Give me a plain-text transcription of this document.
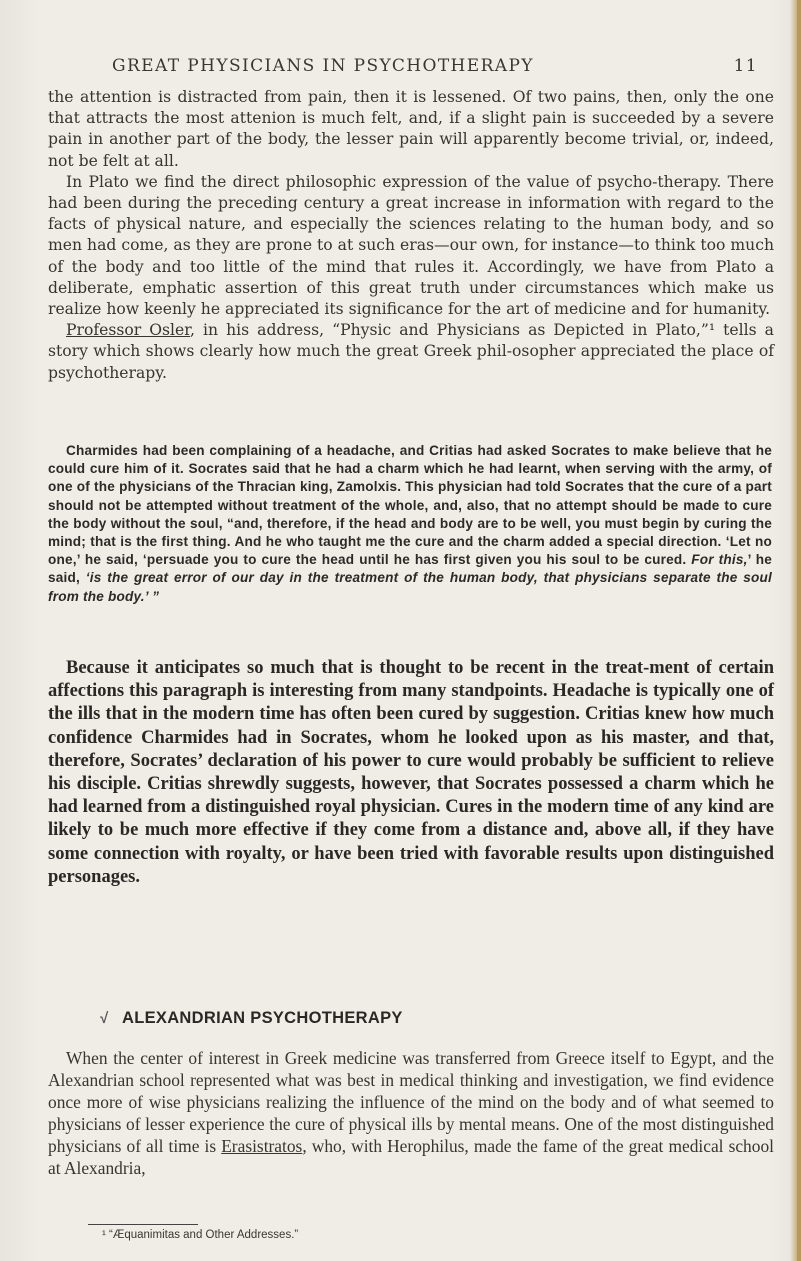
GREAT PHYSICIANS IN PSYCHOTHERAPY	11

the attention is distracted from pain, then it is lessened. Of two pains, then, only the one that attracts the most attenion is much felt, and, if a slight pain is succeeded by a severe pain in another part of the body, the lesser pain will apparently become trivial, or, indeed, not be felt at all.

In Plato we find the direct philosophic expression of the value of psycho-therapy. There had been during the preceding century a great increase in information with regard to the facts of physical nature, and especially the sciences relating to the human body, and so men had come, as they are prone to at such eras—our own, for instance—to think too much of the body and too little of the mind that rules it. Accordingly, we have from Plato a deliberate, emphatic assertion of this great truth under circumstances which make us realize how keenly he appreciated its significance for the art of medicine and for humanity.

Professor Osler, in his address, “Physic and Physicians as Depicted in Plato,”¹ tells a story which shows clearly how much the great Greek phil-osopher appreciated the place of psychotherapy.

Charmides had been complaining of a headache, and Critias had asked Socrates to make believe that he could cure him of it. Socrates said that he had a charm which he had learnt, when serving with the army, of one of the physicians of the Thracian king, Zamolxis. This physician had told Socrates that the cure of a part should not be attempted without treatment of the whole, and, also, that no attempt should be made to cure the body without the soul, “and, therefore, if the head and body are to be well, you must begin by curing the mind; that is the first thing. And he who taught me the cure and the charm added a special direction. ‘Let no one,’ he said, ‘persuade you to cure the head until he has first given you his soul to be cured. For this,’ he said, ‘is the great error of our day in the treatment of the human body, that physicians separate the soul from the body.’ ”

Because it anticipates so much that is thought to be recent in the treat-ment of certain affections this paragraph is interesting from many standpoints. Headache is typically one of the ills that in the modern time has often been cured by suggestion. Critias knew how much confidence Charmides had in Socrates, whom he looked upon as his master, and that, therefore, Socrates’ declaration of his power to cure would probably be sufficient to relieve his disciple. Critias shrewdly suggests, however, that Socrates possessed a charm which he had learned from a distinguished royal physician. Cures in the modern time of any kind are likely to be much more effective if they come from a distance and, above all, if they have some connection with royalty, or have been tried with favorable results upon distinguished personages.

√ ALEXANDRIAN PSYCHOTHERAPY

When the center of interest in Greek medicine was transferred from Greece itself to Egypt, and the Alexandrian school represented what was best in medical thinking and investigation, we find evidence once more of wise physicians realizing the influence of the mind on the body and of what seemed to physicians of lesser experience the cure of physical ills by mental means. One of the most distinguished physicians of all time is Erasistratos, who, with Herophilus, made the fame of the great medical school at Alexandria,

¹ “Æquanimitas and Other Addresses.”
